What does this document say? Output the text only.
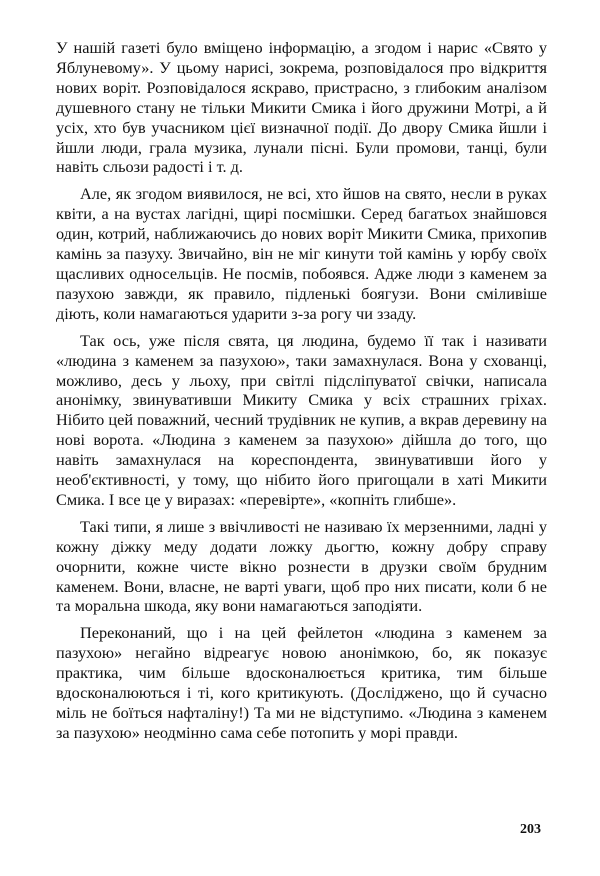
У нашій газеті було вміщено інформацію, а згодом і нарис «Свято у Яблуневому». У цьому нарисі, зокрема, розповідалося про відкриття нових воріт. Розповідалося яскраво, пристрасно, з глибоким аналізом душевного стану не тільки Микити Смика і його дружини Мотрі, а й усіх, хто був учасником цієї визначної події. До двору Смика йшли і йшли люди, грала музика, лунали пісні. Були промови, танці, були навіть сльози радості і т. д.

Але, як згодом виявилося, не всі, хто йшов на свято, несли в руках квіти, а на вустах лагідні, щирі посмішки. Серед багатьох знайшовся один, котрий, наближаючись до нових воріт Микити Смика, прихопив камінь за пазуху. Звичайно, він не міг кинути той камінь у юрбу своїх щасливих односельців. Не посмів, побоявся. Адже люди з каменем за пазухою завжди, як правило, підленькі боягузи. Вони сміливіше діють, коли намагаються ударити з-за рогу чи ззаду.

Так ось, уже після свята, ця людина, будемо її так і називати «людина з каменем за пазухою», таки замахнулася. Вона у схованці, можливо, десь у льоху, при світлі підсліпуватої свічки, написала анонімку, звинувативши Микиту Смика у всіх страшних гріхах. Нібито цей поважний, чесний трудівник не купив, а вкрав деревину на нові ворота. «Людина з каменем за пазухою» дійшла до того, що навіть замахнулася на кореспондента, звинувативши його у необ'єктивності, у тому, що нібито його пригощали в хаті Микити Смика. І все це у виразах: «перевірте», «копніть глибше».

Такі типи, я лише з ввічливості не називаю їх мерзенними, ладні у кожну діжку меду додати ложку дьогтю, кожну добру справу очорнити, кожне чисте вікно рознести в друзки своїм брудним каменем. Вони, власне, не варті уваги, щоб про них писати, коли б не та моральна шкода, яку вони намагаються заподіяти.

Переконаний, що і на цей фейлетон «людина з каменем за пазухою» негайно відреагує новою анонімкою, бо, як показує практика, чим більше вдосконалюється критика, тим більше вдосконалюються і ті, кого критикують. (Досліджено, що й сучасно міль не боїться нафталіну!) Та ми не відступимо. «Людина з каменем за пазухою» неодмінно сама себе потопить у морі правди.

203
